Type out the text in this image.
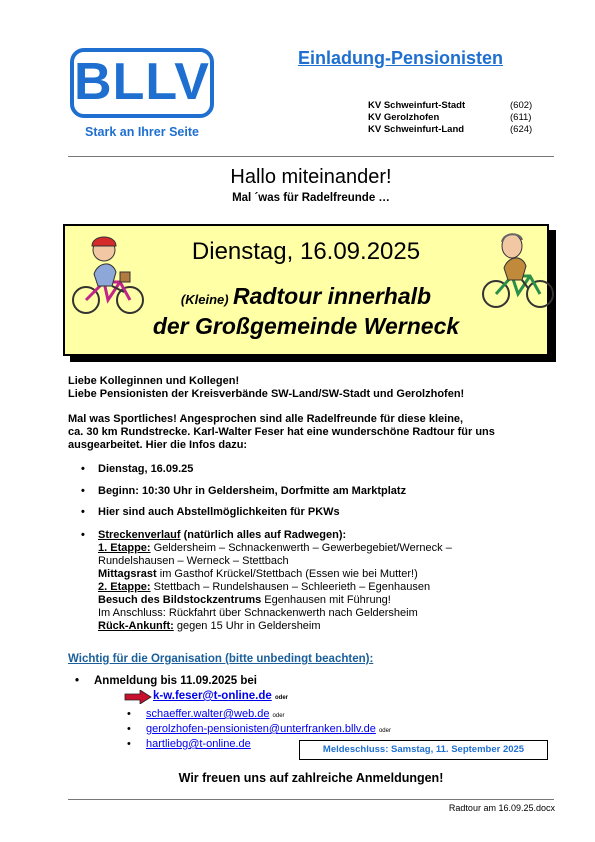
BLLV
Stark an Ihrer Seite
Einladung-Pensionisten
KV Schweinfurt-Stadt	(602)
KV Gerolzhofen	(611)
KV Schweinfurt-Land	(624)
Hallo miteinander!
Mal ´was für Radelfreunde …
Dienstag, 16.09.2025
(Kleine) Radtour innerhalb
der Großgemeinde Werneck
Liebe Kolleginnen und Kollegen!
Liebe Pensionisten der Kreisverbände SW-Land/SW-Stadt und Gerolzhofen!
Mal was Sportliches! Angesprochen sind alle Radelfreunde für diese kleine,
ca. 30 km Rundstrecke. Karl-Walter Feser hat eine wunderschöne Radtour für uns
ausgearbeitet. Hier die Infos dazu:
• Dienstag, 16.09.25
• Beginn: 10:30 Uhr in Geldersheim, Dorfmitte am Marktplatz
• Hier sind auch Abstellmöglichkeiten für PKWs
• Streckenverlauf (natürlich alles auf Radwegen):
1. Etappe: Geldersheim – Schnackenwerth – Gewerbegebiet/Werneck –
Rundelshausen – Werneck – Stettbach
Mittagsrast im Gasthof Krückel/Stettbach (Essen wie bei Mutter!)
2. Etappe: Stettbach – Rundelshausen – Schleerieth – Egenhausen
Besuch des Bildstockzentrums Egenhausen mit Führung!
Im Anschluss: Rückfahrt über Schnackenwerth nach Geldersheim
Rück-Ankunft: gegen 15 Uhr in Geldersheim
Wichtig für die Organisation (bitte unbedingt beachten):
• Anmeldung bis 11.09.2025 bei
k-w.feser@t-online.de oder
• schaeffer.walter@web.de oder
• gerolzhofen-pensionisten@unterfranken.bllv.de oder
• hartliebg@t-online.de	Meldeschluss: Samstag, 11. September 2025
Wir freuen uns auf zahlreiche Anmeldungen!
Radtour am 16.09.25.docx
